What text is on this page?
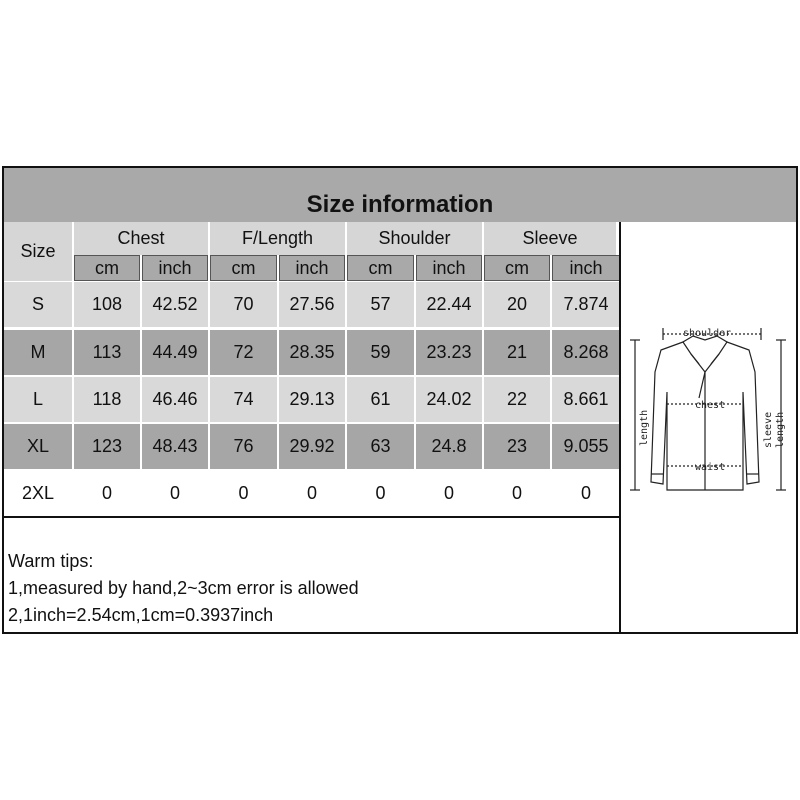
Size information
Size
Chest
cm	inch
F/Length
cm	inch
Shoulder
cm	inch
Sleeve
cm	inch
S	108	42.52	70	27.56	57	22.44	20	7.874
M	113	44.49	72	28.35	59	23.23	21	8.268
L	118	46.46	74	29.13	61	24.02	22	8.661
XL	123	48.43	76	29.92	63	24.8	23	9.055
2XL	0	0	0	0	0	0	0	0
Warm tips:
1,measured by hand,2~3cm error is allowed
2,1inch=2.54cm,1cm=0.3937inch
shoulder
chest
waist
length	sleeve length
